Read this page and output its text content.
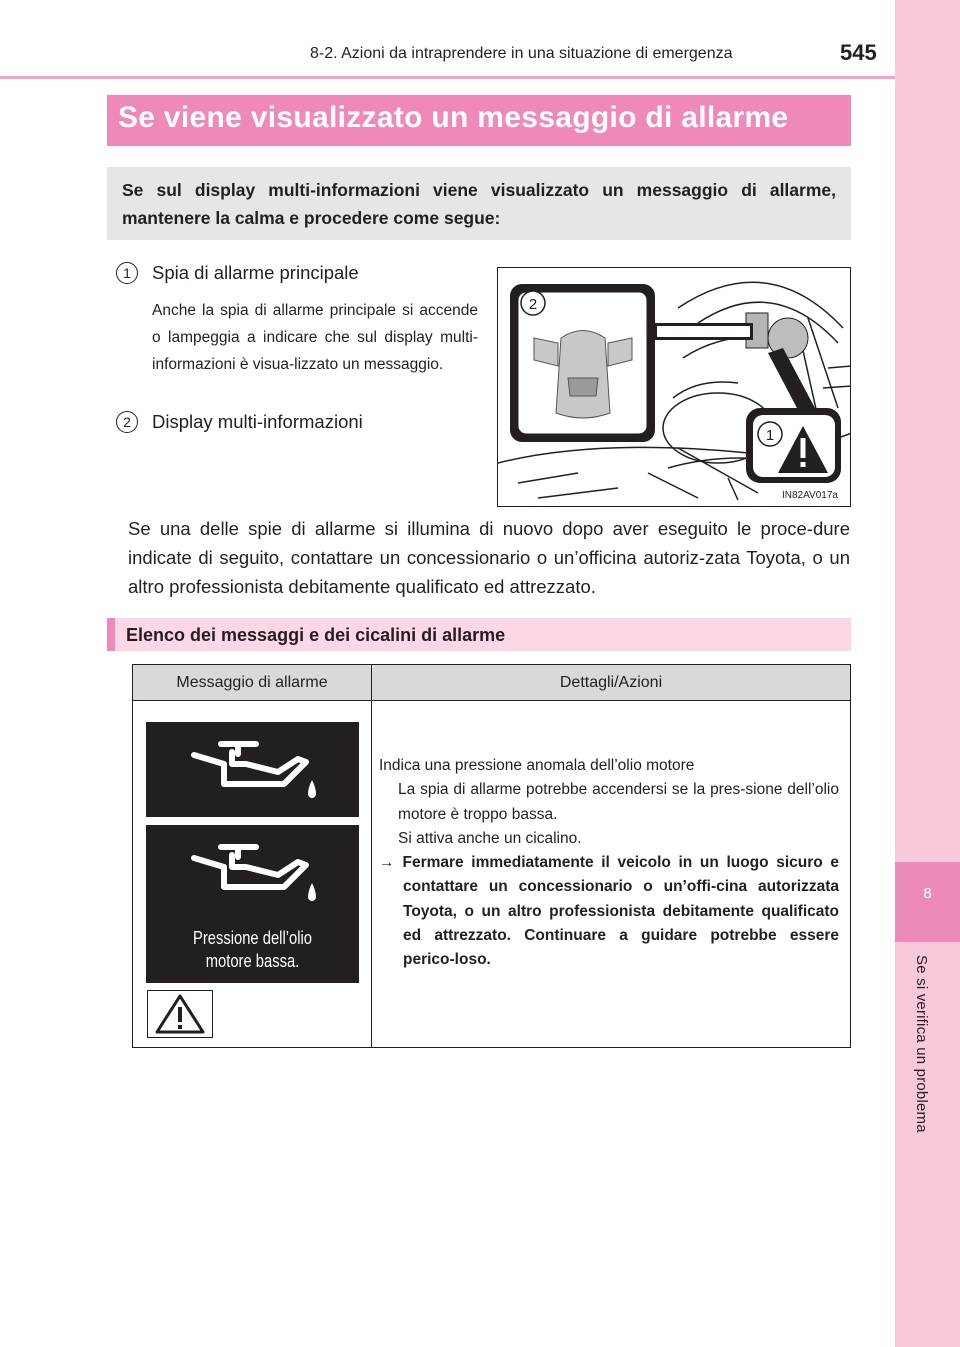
8-2. Azioni da intraprendere in una situazione di emergenza	545
8
Se si verifica un problema
Se viene visualizzato un messaggio di allarme
Se sul display multi-informazioni viene visualizzato un messaggio di allarme, mantenere la calma e procedere come segue:
1	Spia di allarme principale
Anche la spia di allarme principale si accende o lampeggia a indicare che sul display multi-informazioni è visua-lizzato un messaggio.
2	Display multi-informazioni
2
1
IN82AV017a
Se una delle spie di allarme si illumina di nuovo dopo aver eseguito le proce-dure indicate di seguito, contattare un concessionario o un’officina autoriz-zata Toyota, o un altro professionista debitamente qualificato ed attrezzato.
Elenco dei messaggi e dei cicalini di allarme
Messaggio di allarme	Dettagli/Azioni
Pressione dell’olio
motore bassa.

Indica una pressione anomala dell’olio motore

La spia di allarme potrebbe accendersi se la pres-sione dell’olio motore è troppo bassa.

Si attiva anche un cicalino.

→ Fermare immediatamente il veicolo in un luogo sicuro e contattare un concessionario o un’offi-cina autorizzata Toyota, o un altro professionista debitamente qualificato ed attrezzato. Continuare a guidare potrebbe essere perico-loso.
